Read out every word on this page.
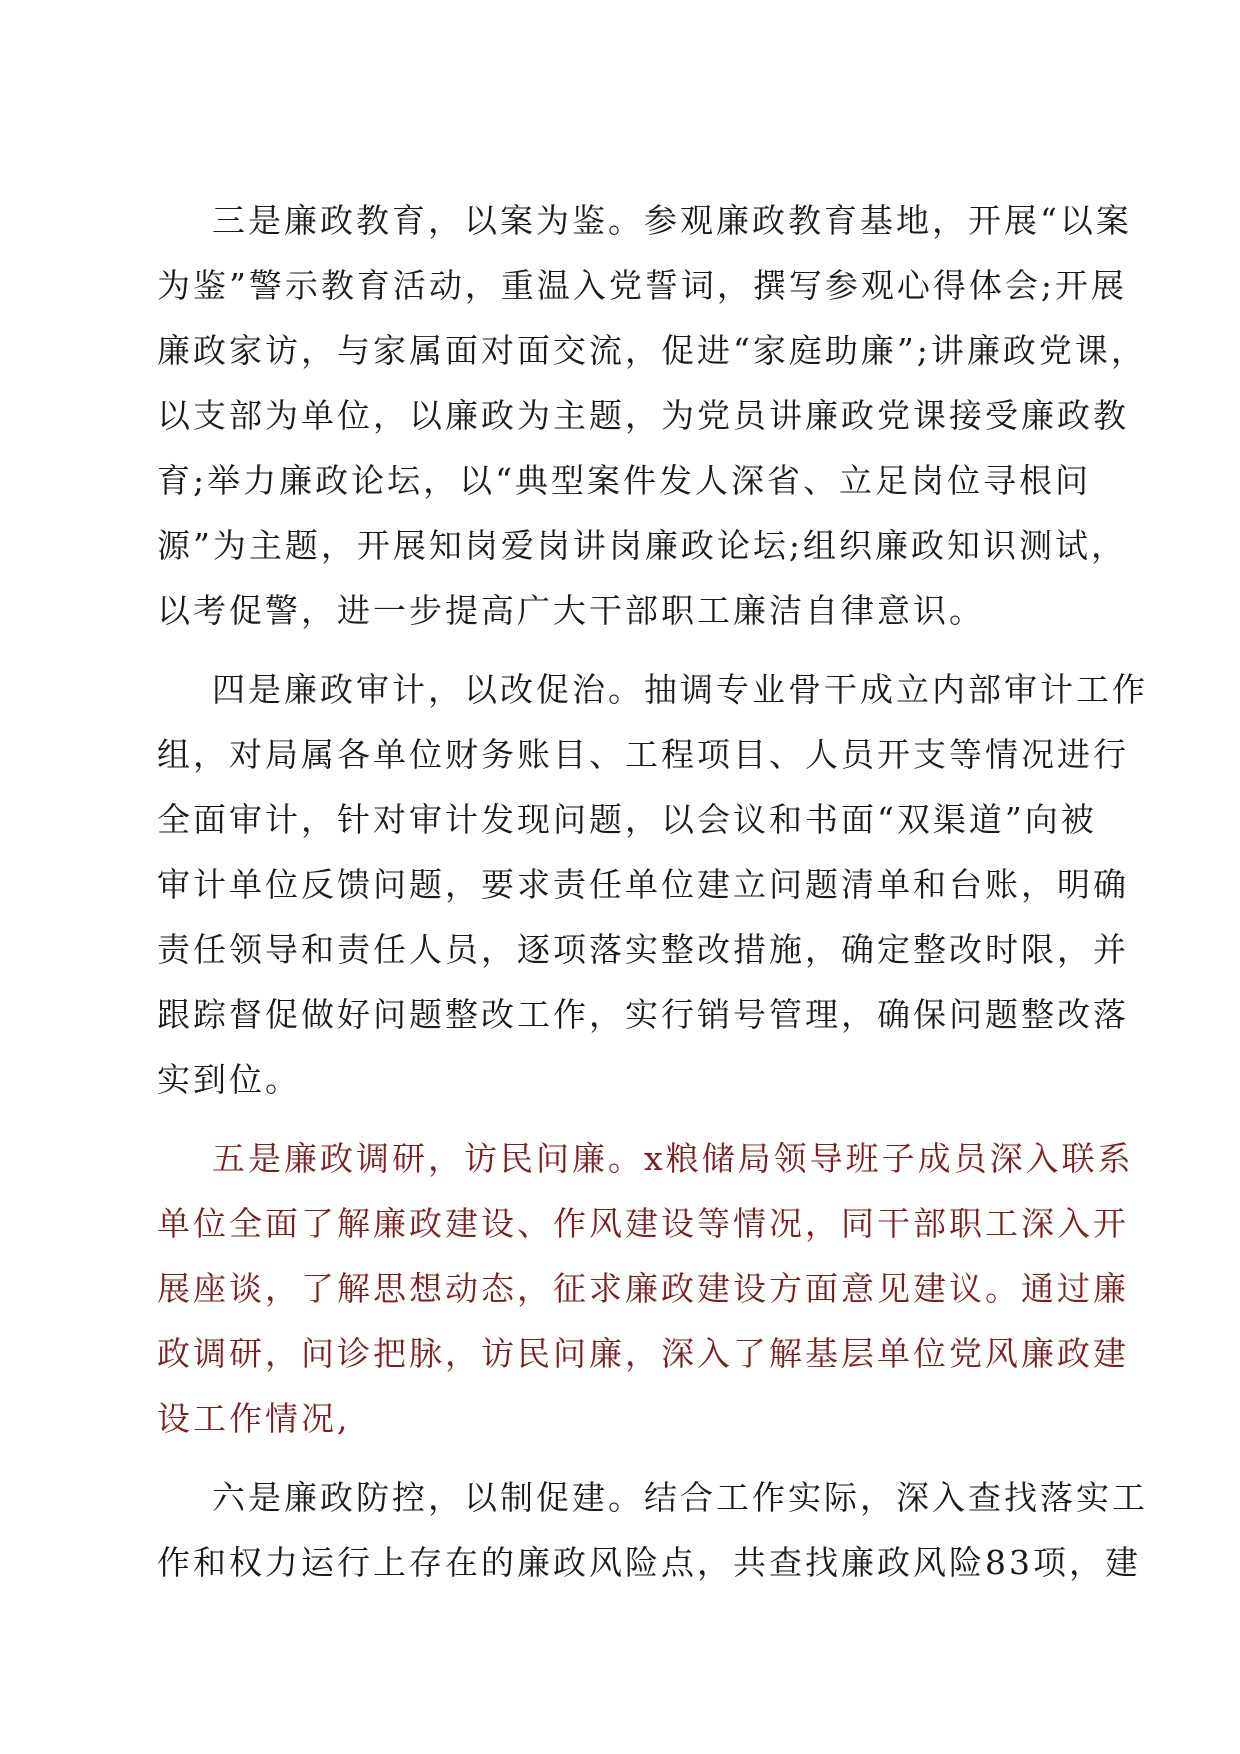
三是廉政教育，以案为鉴。参观廉政教育基地，开展“以案
为鉴”警示教育活动，重温入党誓词，撰写参观心得体会;开展
廉政家访，与家属面对面交流，促进“家庭助廉”;讲廉政党课，
以支部为单位，以廉政为主题，为党员讲廉政党课接受廉政教
育;举力廉政论坛，以“典型案件发人深省、立足岗位寻根问
源”为主题，开展知岗爱岗讲岗廉政论坛;组织廉政知识测试，
以考促警，进一步提高广大干部职工廉洁自律意识。

四是廉政审计，以改促治。抽调专业骨干成立内部审计工作
组，对局属各单位财务账目、工程项目、人员开支等情况进行
全面审计，针对审计发现问题，以会议和书面“双渠道”向被
审计单位反馈问题，要求责任单位建立问题清单和台账，明确
责任领导和责任人员，逐项落实整改措施，确定整改时限，并
跟踪督促做好问题整改工作，实行销号管理，确保问题整改落
实到位。

五是廉政调研，访民问廉。x粮储局领导班子成员深入联系
单位全面了解廉政建设、作风建设等情况，同干部职工深入开
展座谈，了解思想动态，征求廉政建设方面意见建议。通过廉
政调研，问诊把脉，访民问廉，深入了解基层单位党风廉政建
设工作情况,

六是廉政防控，以制促建。结合工作实际，深入查找落实工
作和权力运行上存在的廉政风险点，共查找廉政风险83项，建
